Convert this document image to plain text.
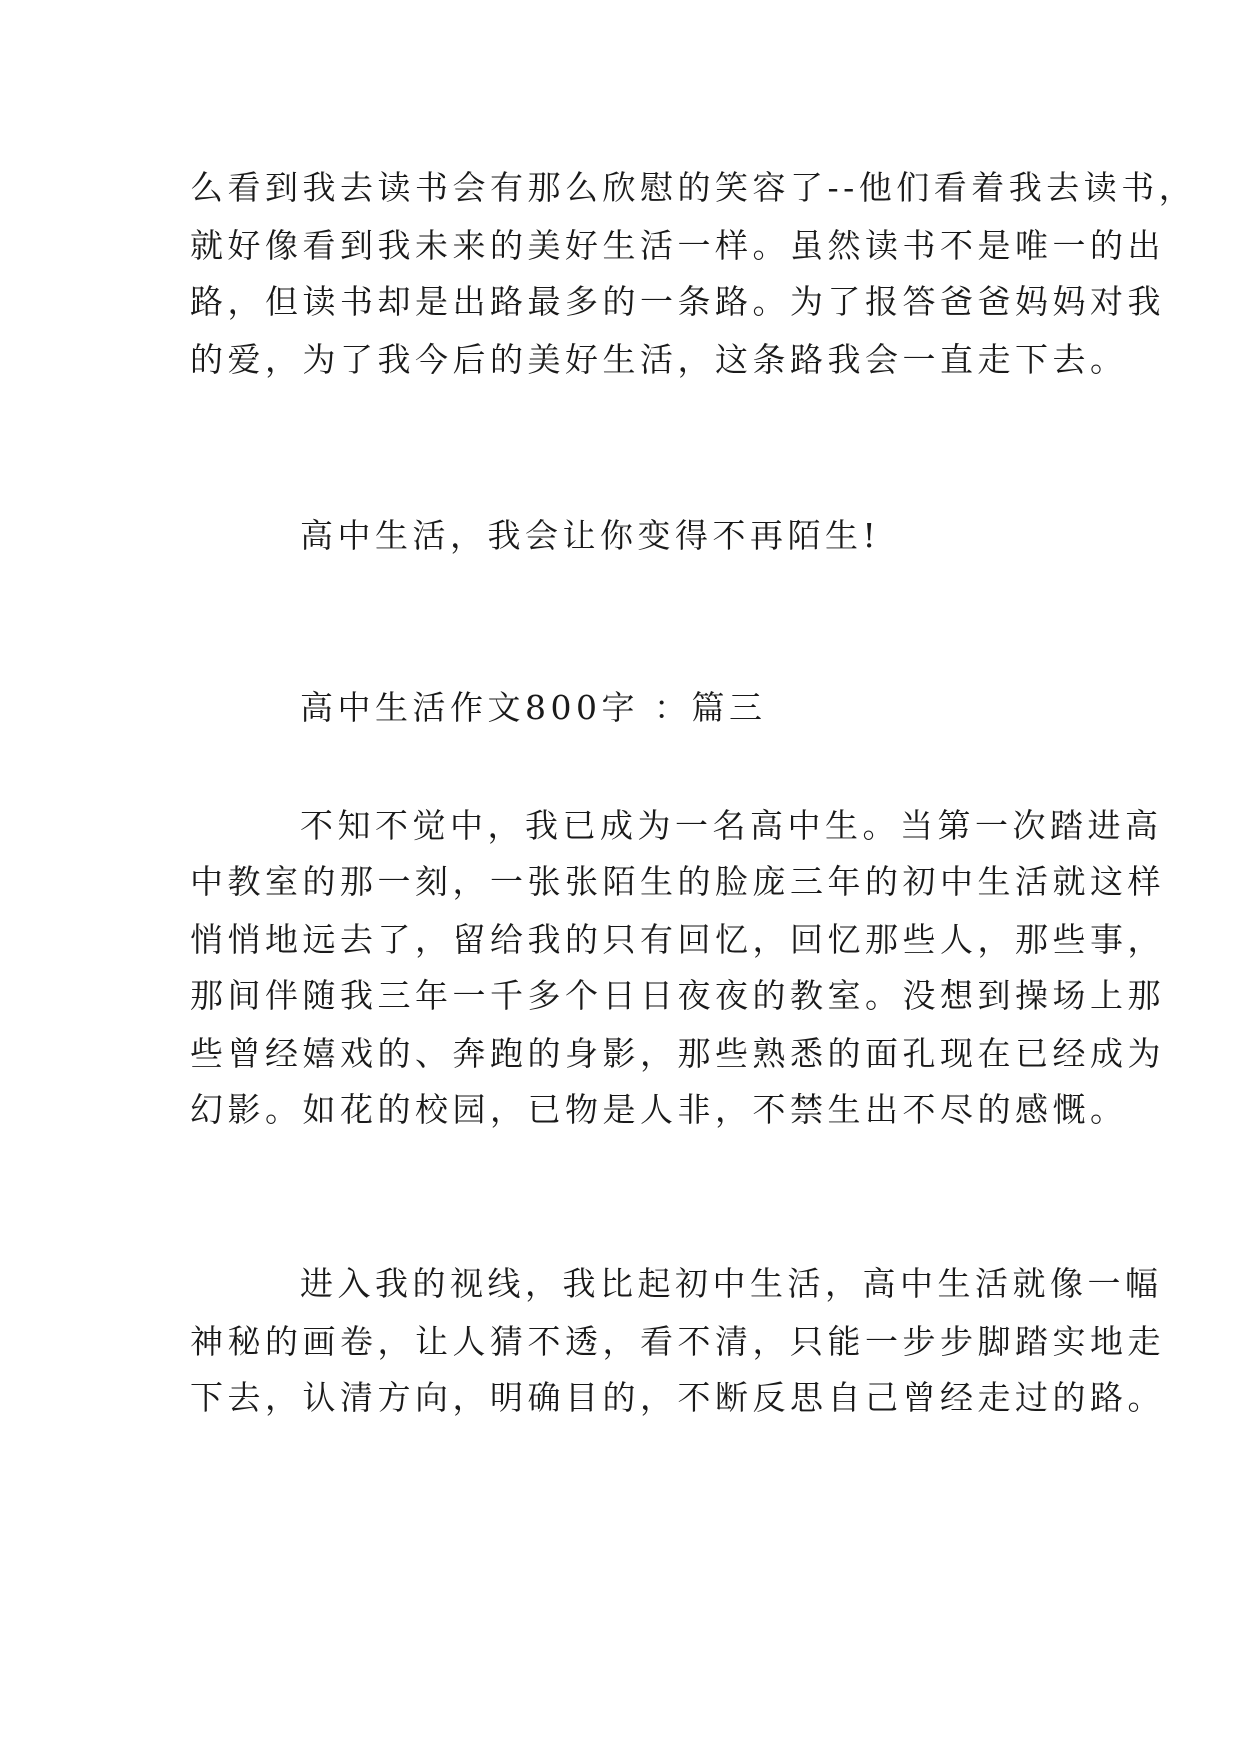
么看到我去读书会有那么欣慰的笑容了--他们看着我去读书，
就好像看到我未来的美好生活一样。虽然读书不是唯一的出
路，但读书却是出路最多的一条路。为了报答爸爸妈妈对我
的爱，为了我今后的美好生活，这条路我会一直走下去。
高中生活，我会让你变得不再陌生!
高中生活作文800字 ：篇三
不知不觉中，我已成为一名高中生。当第一次踏进高
中教室的那一刻，一张张陌生的脸庞三年的初中生活就这样
悄悄地远去了，留给我的只有回忆，回忆那些人，那些事，
那间伴随我三年一千多个日日夜夜的教室。没想到操场上那
些曾经嬉戏的、奔跑的身影，那些熟悉的面孔现在已经成为
幻影。如花的校园，已物是人非，不禁生出不尽的感慨。
进入我的视线，我比起初中生活，高中生活就像一幅
神秘的画卷，让人猜不透，看不清，只能一步步脚踏实地走
下去，认清方向，明确目的，不断反思自己曾经走过的路。
